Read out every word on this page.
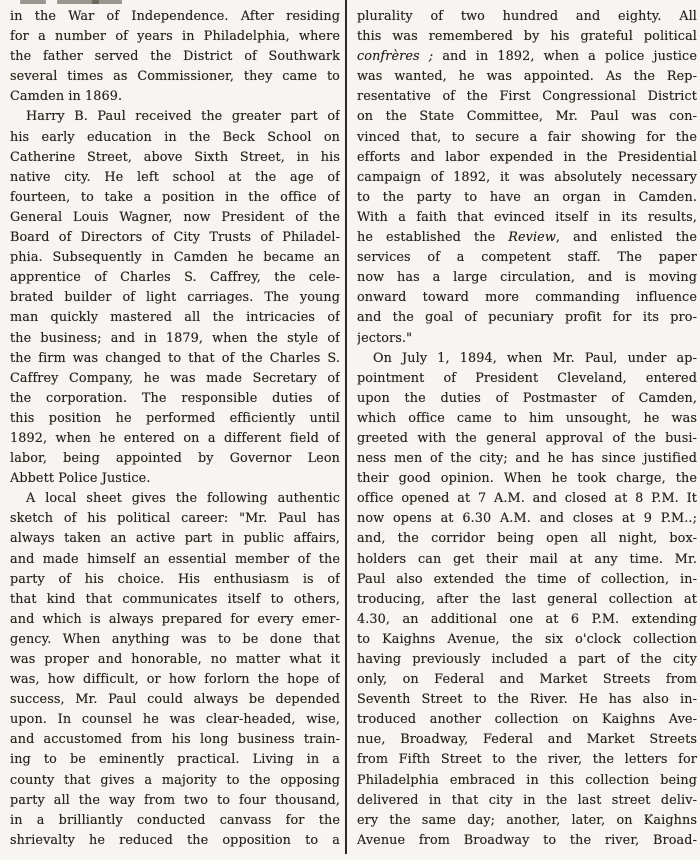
in the War of Independence. After residing
for a number of years in Philadelphia, where
the father served the District of Southwark
several times as Commissioner, they came to
Camden in 1869.
Harry B. Paul received the greater part of
his early education in the Beck School on
Catherine Street, above Sixth Street, in his
native city. He left school at the age of
fourteen, to take a position in the office of
General Louis Wagner, now President of the
Board of Directors of City Trusts of Philadel-
phia. Subsequently in Camden he became an
apprentice of Charles S. Caffrey, the cele-
brated builder of light carriages. The young
man quickly mastered all the intricacies of
the business; and in 1879, when the style of
the firm was changed to that of the Charles S.
Caffrey Company, he was made Secretary of
the corporation. The responsible duties of
this position he performed efficiently until
1892, when he entered on a different field of
labor, being appointed by Governor Leon
Abbett Police Justice.
A local sheet gives the following authentic
sketch of his political career: "Mr. Paul has
always taken an active part in public affairs,
and made himself an essential member of the
party of his choice. His enthusiasm is of
that kind that communicates itself to others,
and which is always prepared for every emer-
gency. When anything was to be done that
was proper and honorable, no matter what it
was, how difficult, or how forlorn the hope of
success, Mr. Paul could always be depended
upon. In counsel he was clear-headed, wise,
and accustomed from his long business train-
ing to be eminently practical. Living in a
county that gives a majority to the opposing
party all the way from two to four thousand,
in a brilliantly conducted canvass for the
shrievalty he reduced the opposition to a
plurality of two hundred and eighty. All
this was remembered by his grateful political
confrères ; and in 1892, when a police justice
was wanted, he was appointed. As the Rep-
resentative of the First Congressional District
on the State Committee, Mr. Paul was con-
vinced that, to secure a fair showing for the
efforts and labor expended in the Presidential
campaign of 1892, it was absolutely necessary
to the party to have an organ in Camden.
With a faith that evinced itself in its results,
he established the Review, and enlisted the
services of a competent staff. The paper
now has a large circulation, and is moving
onward toward more commanding influence
and the goal of pecuniary profit for its pro-
jectors."
On July 1, 1894, when Mr. Paul, under ap-
pointment of President Cleveland, entered
upon the duties of Postmaster of Camden,
which office came to him unsought, he was
greeted with the general approval of the busi-
ness men of the city; and he has since justified
their good opinion. When he took charge, the
office opened at 7 A.M. and closed at 8 P.M. It
now opens at 6.30 A.M. and closes at 9 P.M..;
and, the corridor being open all night, box-
holders can get their mail at any time. Mr.
Paul also extended the time of collection, in-
troducing, after the last general collection at
4.30, an additional one at 6 P.M. extending
to Kaighns Avenue, the six o'clock collection
having previously included a part of the city
only, on Federal and Market Streets from
Seventh Street to the River. He has also in-
troduced another collection on Kaighns Ave-
nue, Broadway, Federal and Market Streets
from Fifth Street to the river, the letters for
Philadelphia embraced in this collection being
delivered in that city in the last street deliv-
ery the same day; another, later, on Kaighns
Avenue from Broadway to the river, Broad-
